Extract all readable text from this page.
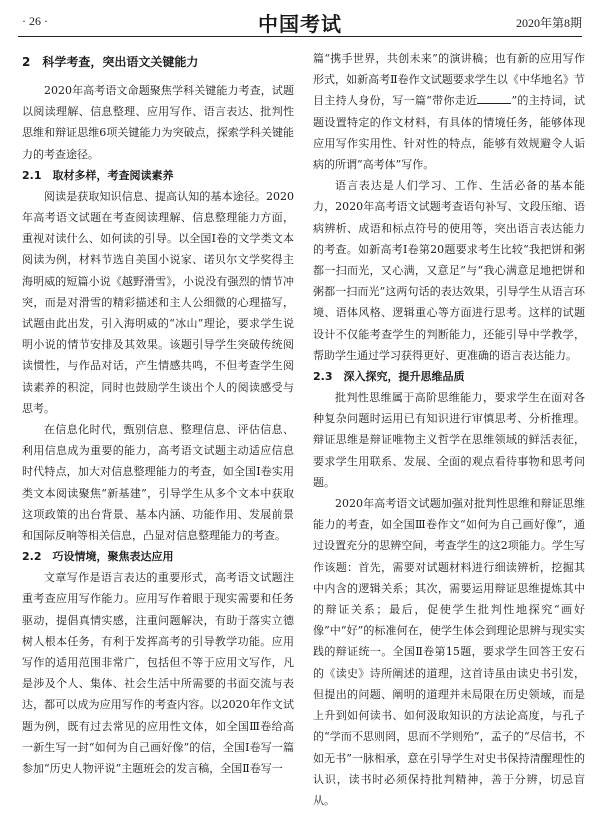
· 26 ·	中国考试	2020年第8期
2　科学考查，突出语文关键能力

2020年高考语文命题聚焦学科关键能力考查，试题以阅读理解、信息整理、应用写作、语言表达、批判性思维和辩证思维6项关键能力为突破点，探索学科关键能力的考查途径。

2.1　取材多样，考查阅读素养

阅读是获取知识信息、提高认知的基本途径。2020年高考语文试题在考查阅读理解、信息整理能力方面，重视对读什么、如何读的引导。以全国Ⅰ卷的文学类文本阅读为例，材料节选自美国小说家、诺贝尔文学奖得主海明威的短篇小说《越野滑雪》，小说没有强烈的情节冲突，而是对滑雪的精彩描述和主人公细微的心理描写，试题由此出发，引入海明威的“冰山”理论，要求学生说明小说的情节安排及其效果。该题引导学生突破传统阅读惯性，与作品对话，产生情感共鸣，不但考查学生阅读素养的积淀，同时也鼓励学生谈出个人的阅读感受与思考。

在信息化时代，甄别信息、整理信息、评估信息、利用信息成为重要的能力，高考语文试题主动适应信息时代特点，加大对信息整理能力的考查，如全国Ⅰ卷实用类文本阅读聚焦“新基建”，引导学生从多个文本中获取这项政策的出台背景、基本内涵、功能作用、发展前景和国际反响等相关信息，凸显对信息整理能力的考查。

2.2　巧设情境，聚焦表达应用

文章写作是语言表达的重要形式，高考语文试题注重考查应用写作能力。应用写作着眼于现实需要和任务驱动，提倡真情实感，注重问题解决，有助于落实立德树人根本任务，有利于发挥高考的引导教学功能。应用写作的适用范围非常广，包括但不等于应用文写作，凡是涉及个人、集体、社会生活中所需要的书面交流与表达，都可以成为应用写作的考查内容。以2020年作文试题为例，既有过去常见的应用性文体，如全国Ⅲ卷给高一新生写一封“如何为自己画好像”的信，全国Ⅰ卷写一篇参加“历史人物评说”主题班会的发言稿，全国Ⅱ卷写一

篇“携手世界，共创未来”的演讲稿；也有新的应用写作形式，如新高考Ⅱ卷作文试题要求学生以《中华地名》节目主持人身份，写一篇“带你走近	”的主持词，试题设置特定的作文材料，有具体的情境任务，能够体现应用写作实用性、针对性的特点，能够有效规避令人诟病的所谓“高考体”写作。

语言表达是人们学习、工作、生活必备的基本能力，2020年高考语文试题考查语句补写、文段压缩、语病辨析、成语和标点符号的使用等，突出语言表达能力的考查。如新高考Ⅰ卷第20题要求考生比较“我把饼和粥都一扫而光，又心满，又意足”与“我心满意足地把饼和粥都一扫而光”这两句话的表达效果，引导学生从语言环境、语体风格、逻辑重心等方面进行思考。这样的试题设计不仅能考查学生的判断能力，还能引导中学教学，帮助学生通过学习获得更好、更准确的语言表达能力。

2.3　深入探究，提升思维品质

批判性思维属于高阶思维能力，要求学生在面对各种复杂问题时运用已有知识进行审慎思考、分析推理。辩证思维是辩证唯物主义哲学在思维领域的鲜活表征，要求学生用联系、发展、全面的观点看待事物和思考问题。

2020年高考语文试题加强对批判性思维和辩证思维能力的考查，如全国Ⅲ卷作文“如何为自己画好像”，通过设置充分的思辨空间，考查学生的这2项能力。学生写作该题：首先，需要对试题材料进行细读辨析，挖掘其中内含的逻辑关系；其次，需要运用辩证思维提炼其中的辩证关系；最后，促使学生批判性地探究“画好像”中“好”的标准何在，使学生体会到理论思辨与现实实践的辩证统一。全国Ⅱ卷第15题，要求学生回答王安石的《读史》诗所阐述的道理，这首诗虽由读史书引发，但提出的问题、阐明的道理并未局限在历史领域，而是上升到如何读书、如何汲取知识的方法论高度，与孔子的“学而不思则罔，思而不学则殆”，孟子的“尽信书，不如无书”一脉相承，意在引导学生对史书保持清醒理性的认识，读书时必须保持批判精神，善于分辨，切忌盲从。
